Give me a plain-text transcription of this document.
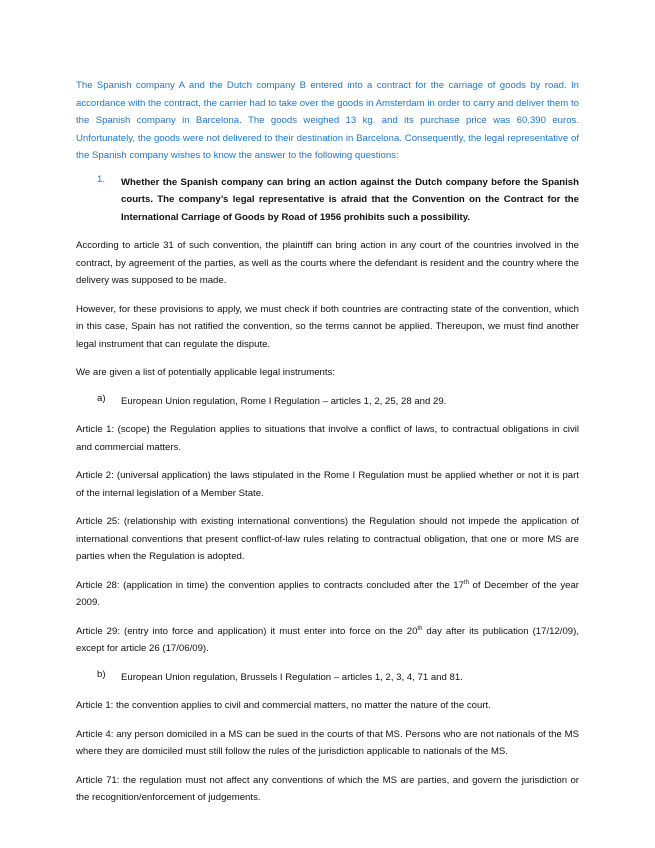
The Spanish company A and the Dutch company B entered into a contract for the carriage of goods by road. In accordance with the contract, the carrier had to take over the goods in Amsterdam in order to carry and deliver them to the Spanish company in Barcelona. The goods weighed 13 kg. and its purchase price was 60.390 euros. Unfortunately, the goods were not delivered to their destination in Barcelona. Consequently, the legal representative of the Spanish company wishes to know the answer to the following questions:

1.	Whether the Spanish company can bring an action against the Dutch company before the Spanish courts. The company’s legal representative is afraid that the Convention on the Contract for the International Carriage of Goods by Road of 1956 prohibits such a possibility.

According to article 31 of such convention, the plaintiff can bring action in any court of the countries involved in the contract, by agreement of the parties, as well as the courts where the defendant is resident and the country where the delivery was supposed to be made.

However, for these provisions to apply, we must check if both countries are contracting state of the convention, which in this case, Spain has not ratified the convention, so the terms cannot be applied. Thereupon, we must find another legal instrument that can regulate the dispute.

We are given a list of potentially applicable legal instruments:

a)	European Union regulation, Rome I Regulation – articles 1, 2, 25, 28 and 29.

Article 1: (scope) the Regulation applies to situations that involve a conflict of laws, to contractual obligations in civil and commercial matters.

Article 2: (universal application) the laws stipulated in the Rome I Regulation must be applied whether or not it is part of the internal legislation of a Member State.

Article 25: (relationship with existing international conventions) the Regulation should not impede the application of international conventions that present conflict-of-law rules relating to contractual obligation, that one or more MS are parties when the Regulation is adopted.

Article 28: (application in time) the convention applies to contracts concluded after the 17th of December of the year 2009.

Article 29: (entry into force and application) it must enter into force on the 20th day after its publication (17/12/09), except for article 26 (17/06/09).

b)	European Union regulation, Brussels I Regulation – articles 1, 2, 3, 4, 71 and 81.

Article 1: the convention applies to civil and commercial matters, no matter the nature of the court.

Article 4: any person domiciled in a MS can be sued in the courts of that MS. Persons who are not nationals of the MS where they are domiciled must still follow the rules of the jurisdiction applicable to nationals of the MS.

Article 71: the regulation must not affect any conventions of which the MS are parties, and govern the jurisdiction or the recognition/enforcement of judgements.
